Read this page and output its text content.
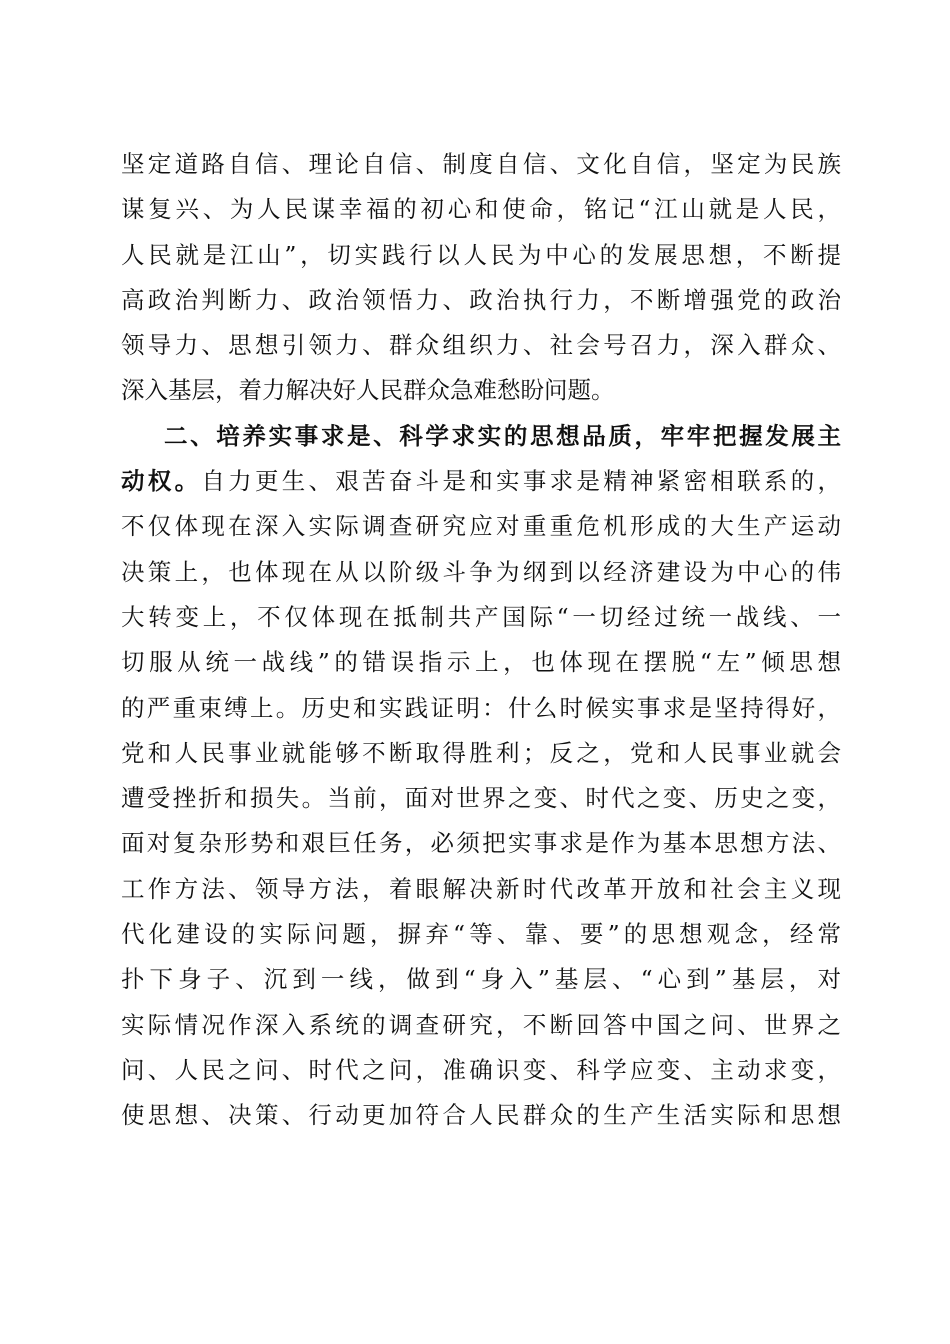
坚定道路自信、理论自信、制度自信、文化自信，坚定为民族
谋复兴、为人民谋幸福的初心和使命，铭记“江山就是人民，
人民就是江山”，切实践行以人民为中心的发展思想，不断提
高政治判断力、政治领悟力、政治执行力，不断增强党的政治
领导力、思想引领力、群众组织力、社会号召力，深入群众、
深入基层，着力解决好人民群众急难愁盼问题。
二、培养实事求是、科学求实的思想品质，牢牢把握发展主
动权。自力更生、艰苦奋斗是和实事求是精神紧密相联系的，
不仅体现在深入实际调查研究应对重重危机形成的大生产运动
决策上，也体现在从以阶级斗争为纲到以经济建设为中心的伟
大转变上，不仅体现在抵制共产国际“一切经过统一战线、一
切服从统一战线”的错误指示上，也体现在摆脱“左”倾思想
的严重束缚上。历史和实践证明：什么时候实事求是坚持得好，
党和人民事业就能够不断取得胜利；反之，党和人民事业就会
遭受挫折和损失。当前，面对世界之变、时代之变、历史之变，
面对复杂形势和艰巨任务，必须把实事求是作为基本思想方法、
工作方法、领导方法，着眼解决新时代改革开放和社会主义现
代化建设的实际问题，摒弃“等、靠、要”的思想观念，经常
扑下身子、沉到一线，做到“身入”基层、“心到”基层，对
实际情况作深入系统的调查研究，不断回答中国之问、世界之
问、人民之问、时代之问，准确识变、科学应变、主动求变，
使思想、决策、行动更加符合人民群众的生产生活实际和思想
